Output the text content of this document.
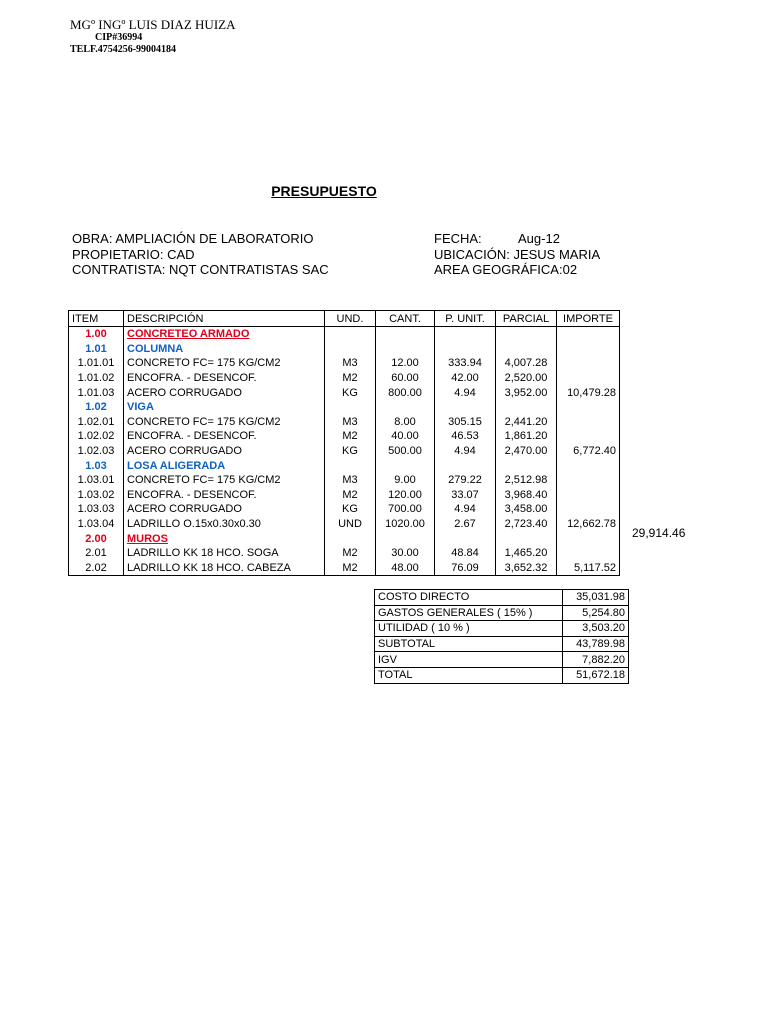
MGº INGº LUIS DIAZ HUIZA
CIP#36994
TELF.4754256-99004184
PRESUPUESTO
OBRA: AMPLIACIÓN DE LABORATORIO
PROPIETARIO: CAD
CONTRATISTA: NQT CONTRATISTAS SAC
FECHA:	Aug-12
UBICACIÓN: JESUS MARIA
AREA GEOGRÁFICA:02
ITEM	DESCRIPCIÓN	UND.	CANT.	P. UNIT.	PARCIAL	IMPORTE
1.00	CONCRETEO ARMADO					
1.01	COLUMNA					
1.01.01	CONCRETO FC= 175 KG/CM2	M3	12.00	333.94	4,007.28	
1.01.02	ENCOFRA. - DESENCOF.	M2	60.00	42.00	2,520.00	
1.01.03	ACERO CORRUGADO	KG	800.00	4.94	3,952.00	10,479.28
1.02	VIGA					
1.02.01	CONCRETO FC= 175 KG/CM2	M3	8.00	305.15	2,441.20	
1.02.02	ENCOFRA. - DESENCOF.	M2	40.00	46.53	1,861.20	
1.02.03	ACERO CORRUGADO	KG	500.00	4.94	2,470.00	6,772.40
1.03	LOSA ALIGERADA					
1.03.01	CONCRETO FC= 175 KG/CM2	M3	9.00	279.22	2,512.98	
1.03.02	ENCOFRA. - DESENCOF.	M2	120.00	33.07	3,968.40	
1.03.03	ACERO CORRUGADO	KG	700.00	4.94	3,458.00	
1.03.04	LADRILLO O.15x0.30x0.30	UND	1020.00	2.67	2,723.40	12,662.78
2.00	MUROS					
2.01	LADRILLO KK 18 HCO. SOGA	M2	30.00	48.84	1,465.20	
2.02	LADRILLO KK 18 HCO. CABEZA	M2	48.00	76.09	3,652.32	5,117.52
29,914.46
COSTO DIRECTO	35,031.98
GASTOS GENERALES ( 15% )	5,254.80
UTILIDAD ( 10 % )	3,503.20
SUBTOTAL	43,789.98
IGV	7,882.20
TOTAL	51,672.18
